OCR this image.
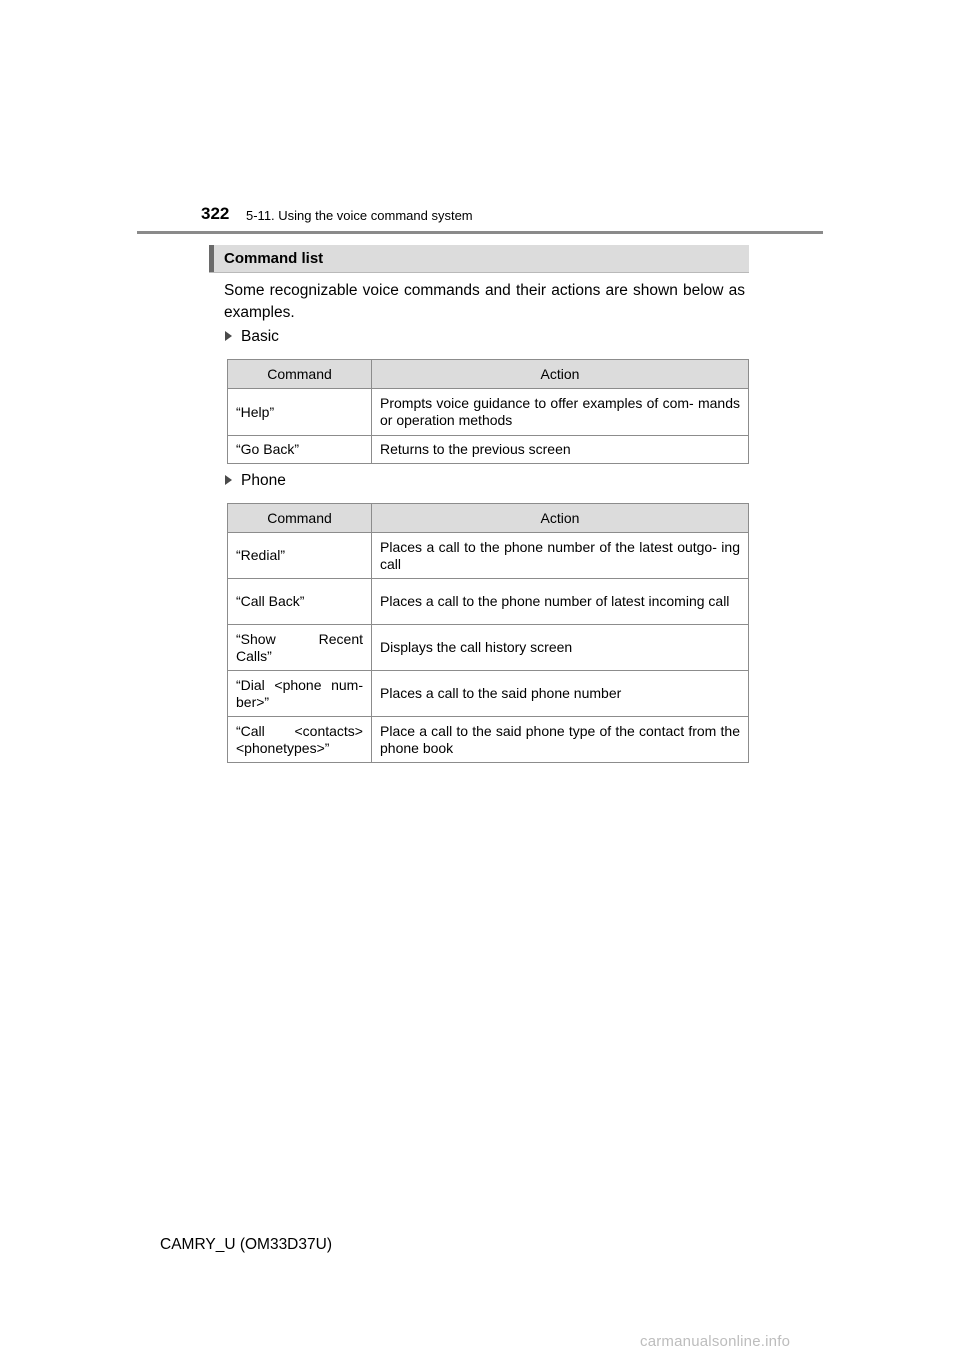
322 5-11. Using the voice command system
Command list

Some recognizable voice commands and their actions are shown below as examples.

Basic
Command	Action
“Help”	Prompts voice guidance to offer examples of com- mands or operation methods
“Go Back”	Returns to the previous screen
Phone
Command	Action
“Redial”	Places a call to the phone number of the latest outgo- ing call
“Call Back”	Places a call to the phone number of latest incoming call
“Show Recent Calls”	Displays the call history screen
“Dial <phone num- ber>”	Places a call to the said phone number
“Call <contacts> <phonetypes>”	Place a call to the said phone type of the contact from the phone book
CAMRY_U (OM33D37U)
carmanualsonline.info
